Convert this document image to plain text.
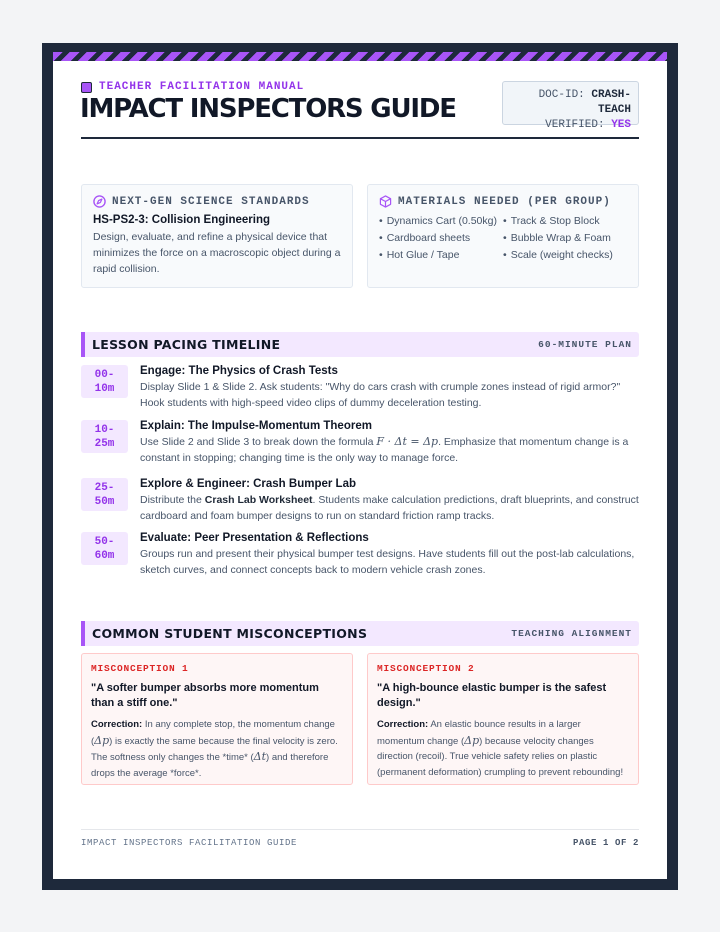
TEACHER FACILITATION MANUAL
IMPACT INSPECTORS GUIDE	DOC-ID: CRASH-TEACH
VERIFIED: YES
NEXT-GEN SCIENCE STANDARDS
HS-PS2-3: Collision Engineering
Design, evaluate, and refine a physical device that minimizes the force on a macroscopic object during a rapid collision.
MATERIALS NEEDED (PER GROUP)
• Dynamics Cart (0.50kg)	• Track & Stop Block
• Cardboard sheets	• Bubble Wrap & Foam
• Hot Glue / Tape	• Scale (weight checks)
LESSON PACING TIMELINE	60-MINUTE PLAN
00-
10m
Engage: The Physics of Crash Tests
Display Slide 1 & Slide 2. Ask students: "Why do cars crash with crumple zones instead of rigid armor?" Hook students with high-speed video clips of dummy deceleration testing.
10-
25m
Explain: The Impulse-Momentum Theorem
Use Slide 2 and Slide 3 to break down the formula F · Δt = Δp. Emphasize that momentum change is a constant in stopping; changing time is the only way to manage force.
25-
50m
Explore & Engineer: Crash Bumper Lab
Distribute the Crash Lab Worksheet. Students make calculation predictions, draft blueprints, and construct cardboard and foam bumper designs to run on standard friction ramp tracks.
50-
60m
Evaluate: Peer Presentation & Reflections
Groups run and present their physical bumper test designs. Have students fill out the post-lab calculations, sketch curves, and connect concepts back to modern vehicle crash zones.
COMMON STUDENT MISCONCEPTIONS	TEACHING ALIGNMENT
MISCONCEPTION 1
"A softer bumper absorbs more momentum than a stiff one."
Correction: In any complete stop, the momentum change (Δp) is exactly the same because the final velocity is zero. The softness only changes the *time* (Δt) and therefore drops the average *force*.
MISCONCEPTION 2
"A high-bounce elastic bumper is the safest design."
Correction: An elastic bounce results in a larger momentum change (Δp) because velocity changes direction (recoil). True vehicle safety relies on plastic (permanent deformation) crumpling to prevent rebounding!
IMPACT INSPECTORS FACILITATION GUIDE	PAGE 1 OF 2
